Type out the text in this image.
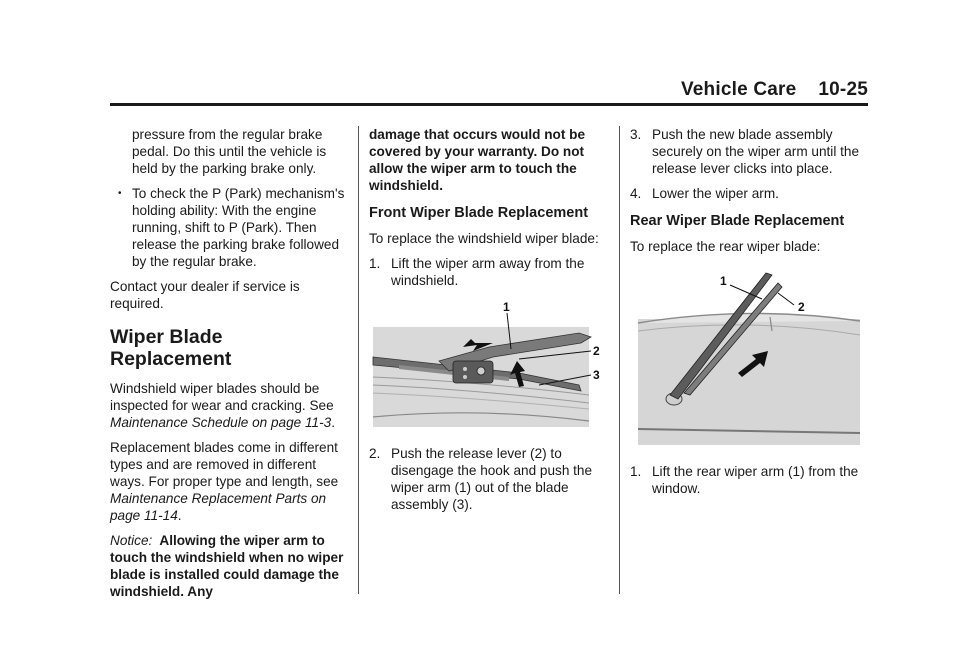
Vehicle Care 10-25

pressure from the regular brake pedal. Do this until the vehicle is held by the parking brake only.

• To check the P (Park) mechanism's holding ability: With the engine running, shift to P (Park). Then release the parking brake followed by the regular brake.

Contact your dealer if service is required.

Wiper Blade Replacement

Windshield wiper blades should be inspected for wear and cracking. See Maintenance Schedule on page 11-3.

Replacement blades come in different types and are removed in different ways. For proper type and length, see Maintenance Replacement Parts on page 11-14.

Notice: Allowing the wiper arm to touch the windshield when no wiper blade is installed could damage the windshield. Any

damage that occurs would not be covered by your warranty. Do not allow the wiper arm to touch the windshield.

Front Wiper Blade Replacement

To replace the windshield wiper blade:

1. Lift the wiper arm away from the windshield.
1
2
3
2. Push the release lever (2) to disengage the hook and push the wiper arm (1) out of the blade assembly (3).
3. Push the new blade assembly securely on the wiper arm until the release lever clicks into place.
4. Lower the wiper arm.
Rear Wiper Blade Replacement

To replace the rear wiper blade:

1
2
1. Lift the rear wiper arm (1) from the window.
